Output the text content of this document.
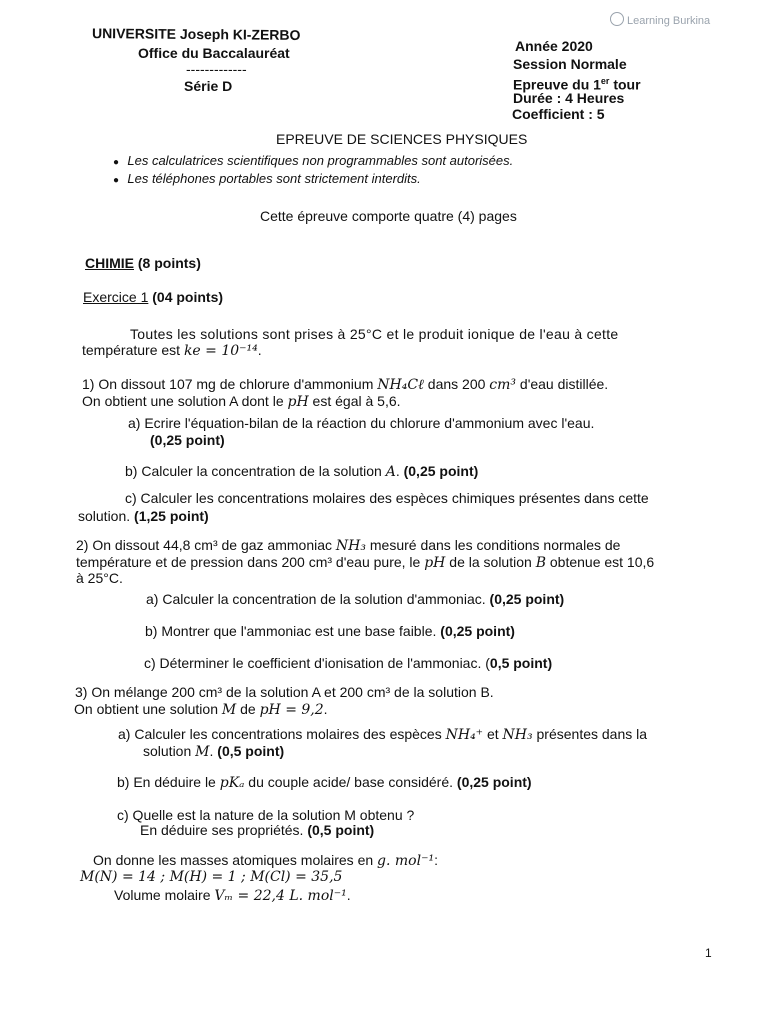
Learning Burkina
UNIVERSITE Joseph KI-ZERBO
Office du Baccalauréat
-------------
Série D
Année 2020
Session Normale
Epreuve du 1er tour
Durée : 4 Heures
Coefficient : 5
EPREUVE DE SCIENCES PHYSIQUES
●   Les calculatrices scientifiques non programmables sont autorisées.
●   Les téléphones portables sont strictement interdits.
Cette épreuve comporte quatre (4) pages
CHIMIE (8 points)
Exercice 1 (04 points)
Toutes les solutions sont prises à 25°C et le produit ionique de l'eau à cette
température est ke = 10⁻¹⁴.
1) On dissout 107 mg de chlorure d'ammonium NH₄Cℓ dans 200 cm³ d'eau distillée.
On obtient une solution A dont le pH est égal à 5,6.
a) Ecrire l'équation-bilan de la réaction du chlorure d'ammonium avec l'eau.
(0,25 point)
b) Calculer la concentration de la solution A. (0,25 point)
c) Calculer les concentrations molaires des espèces chimiques présentes dans cette
solution. (1,25 point)
2) On dissout 44,8 cm³ de gaz ammoniac NH₃ mesuré dans les conditions normales de
température et de pression dans 200 cm³ d'eau pure, le pH de la solution B obtenue est 10,6
à 25°C.
a) Calculer la concentration de la solution d'ammoniac. (0,25 point)
b) Montrer que l'ammoniac est une base faible. (0,25 point)
c) Déterminer le coefficient d'ionisation de l'ammoniac. (0,5 point)
3) On mélange 200 cm³ de la solution A et 200 cm³ de la solution B.
On obtient une solution M de pH = 9,2.
a) Calculer les concentrations molaires des espèces NH₄⁺ et NH₃ présentes dans la
solution M. (0,5 point)
b) En déduire le pKₐ du couple acide/ base considéré. (0,25 point)
c) Quelle est la nature de la solution M obtenu ?
En déduire ses propriétés. (0,5 point)
On donne les masses atomiques molaires en g. mol⁻¹:
M(N) = 14 ; M(H) = 1 ; M(Cl) = 35,5
Volume molaire Vₘ = 22,4 L. mol⁻¹.
1
